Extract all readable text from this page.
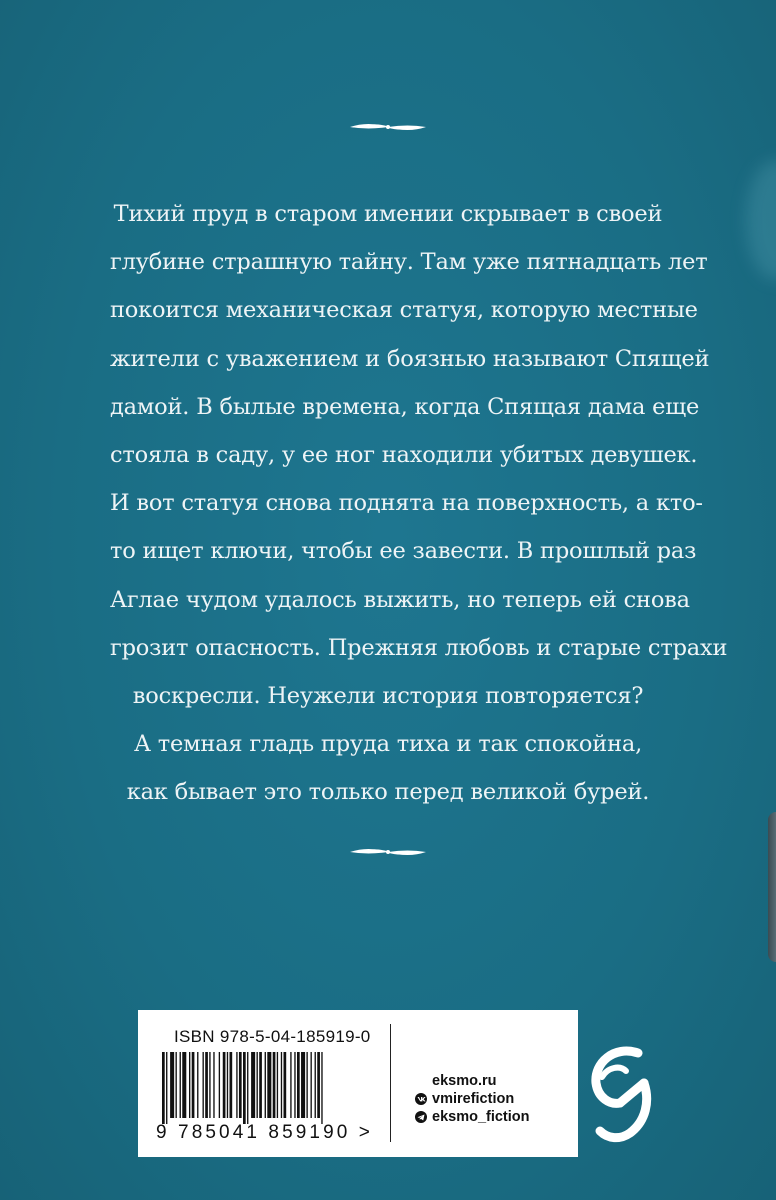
Тихий пруд в старом имении скрывает в своей
глубине страшную тайну. Там уже пятнадцать лет
покоится механическая статуя, которую местные
жители с уважением и боязнью называют Спящей
дамой. В былые времена, когда Спящая дама еще
стояла в саду, у ее ног находили убитых девушек.
И вот статуя снова поднята на поверхность, а кто-
то ищет ключи, чтобы ее завести. В прошлый раз
Аглае чудом удалось выжить, но теперь ей снова
грозит опасность. Прежняя любовь и старые страхи
воскресли. Неужели история повторяется?
А темная гладь пруда тиха и так спокойна,
как бывает это только перед великой бурей.
ISBN 978-5-04-185919-0
9 785041 859190 >
eksmo.ru
vmirefiction
eksmo_fiction
